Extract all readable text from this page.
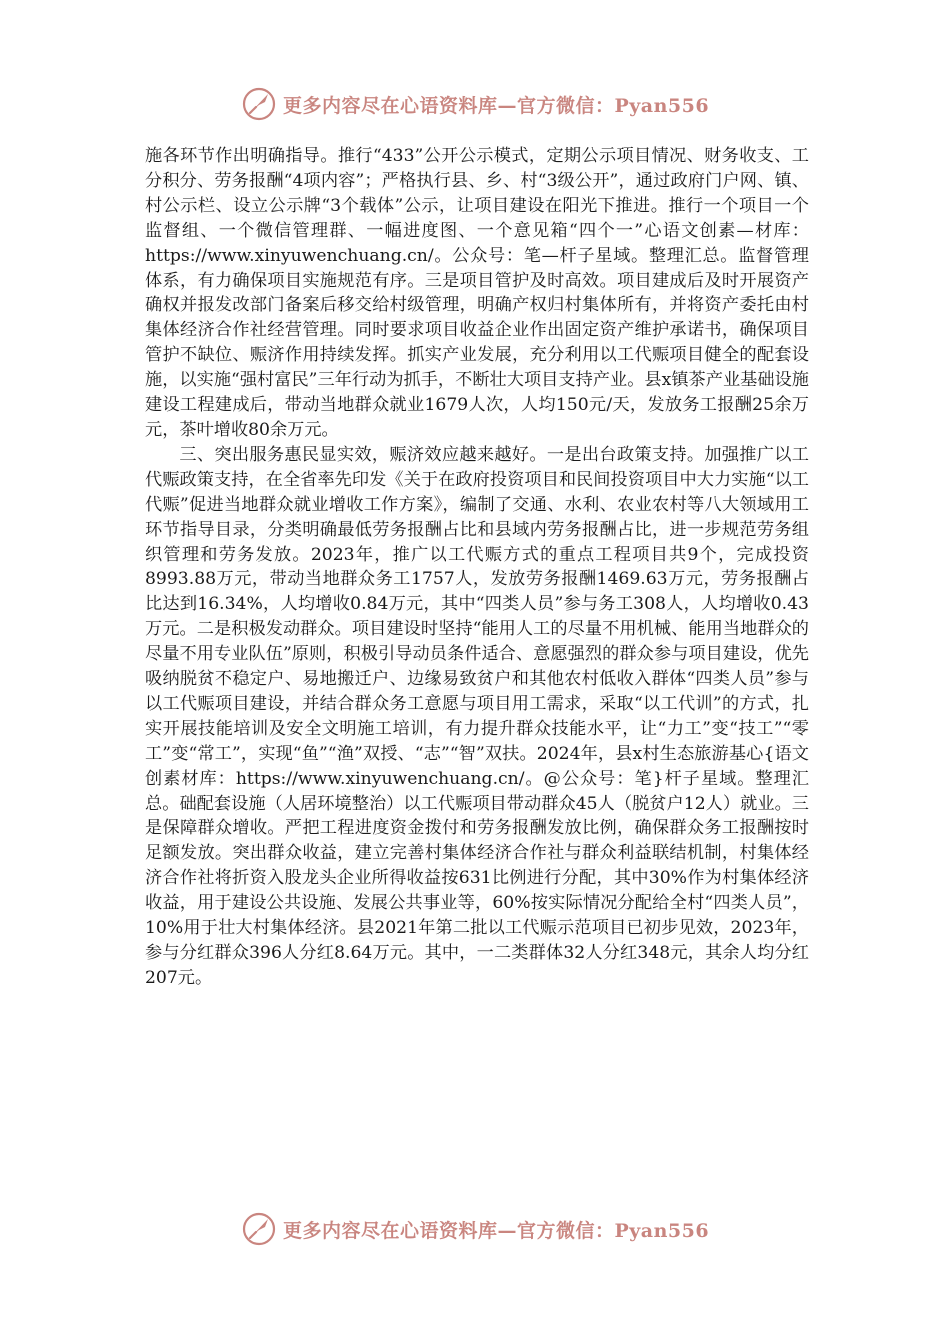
更多内容尽在心语资料库—官方微信：Pyan556

施各环节作出明确指导。推行“433”公开公示模式，定期公示项目情况、财务收支、工分积分、劳务报酬“4项内容”；严格执行县、乡、村“3级公开”，通过政府门户网、镇、村公示栏、设立公示牌“3个载体”公示，让项目建设在阳光下推进。推行一个项目一个监督组、一个微信管理群、一幅进度图、一个意见箱“四个一”心语文创素—材库：https://www.xinyuwenchuang.cn/。公众号：笔—杆子星域。整理汇总。监督管理体系，有力确保项目实施规范有序。三是项目管护及时高效。项目建成后及时开展资产确权并报发改部门备案后移交给村级管理，明确产权归村集体所有，并将资产委托由村集体经济合作社经营管理。同时要求项目收益企业作出固定资产维护承诺书，确保项目管护不缺位、赈济作用持续发挥。抓实产业发展，充分利用以工代赈项目健全的配套设施，以实施“强村富民”三年行动为抓手，不断壮大项目支持产业。县x镇茶产业基础设施建设工程建成后，带动当地群众就业1679人次，人均150元/天，发放务工报酬25余万元，茶叶增收80余万元。

三、突出服务惠民显实效，赈济效应越来越好。一是出台政策支持。加强推广以工代赈政策支持，在全省率先印发《关于在政府投资项目和民间投资项目中大力实施“以工代赈”促进当地群众就业增收工作方案》，编制了交通、水利、农业农村等八大领域用工环节指导目录，分类明确最低劳务报酬占比和县域内劳务报酬占比，进一步规范劳务组织管理和劳务发放。2023年，推广以工代赈方式的重点工程项目共9个，完成投资8993.88万元，带动当地群众务工1757人，发放劳务报酬1469.63万元，劳务报酬占比达到16.34%，人均增收0.84万元，其中“四类人员”参与务工308人，人均增收0.43万元。二是积极发动群众。项目建设时坚持“能用人工的尽量不用机械、能用当地群众的尽量不用专业队伍”原则，积极引导动员条件适合、意愿强烈的群众参与项目建设，优先吸纳脱贫不稳定户、易地搬迁户、边缘易致贫户和其他农村低收入群体“四类人员”参与以工代赈项目建设，并结合群众务工意愿与项目用工需求，采取“以工代训”的方式，扎实开展技能培训及安全文明施工培训，有力提升群众技能水平，让“力工”变“技工”“零工”变“常工”，实现“鱼”“渔”双授、“志”“智”双扶。2024年，县x村生态旅游基心{语文创素材库：https://www.xinyuwenchuang.cn/。@公众号：笔}杆子星域。整理汇总。础配套设施（人居环境整治）以工代赈项目带动群众45人（脱贫户12人）就业。三是保障群众增收。严把工程进度资金拨付和劳务报酬发放比例，确保群众务工报酬按时足额发放。突出群众收益，建立完善村集体经济合作社与群众利益联结机制，村集体经济合作社将折资入股龙头企业所得收益按631比例进行分配，其中30%作为村集体经济收益，用于建设公共设施、发展公共事业等，60%按实际情况分配给全村“四类人员”，10%用于壮大村集体经济。县2021年第二批以工代赈示范项目已初步见效，2023年，参与分红群众396人分红8.64万元。其中，一二类群体32人分红348元，其余人均分红207元。

更多内容尽在心语资料库—官方微信：Pyan556
